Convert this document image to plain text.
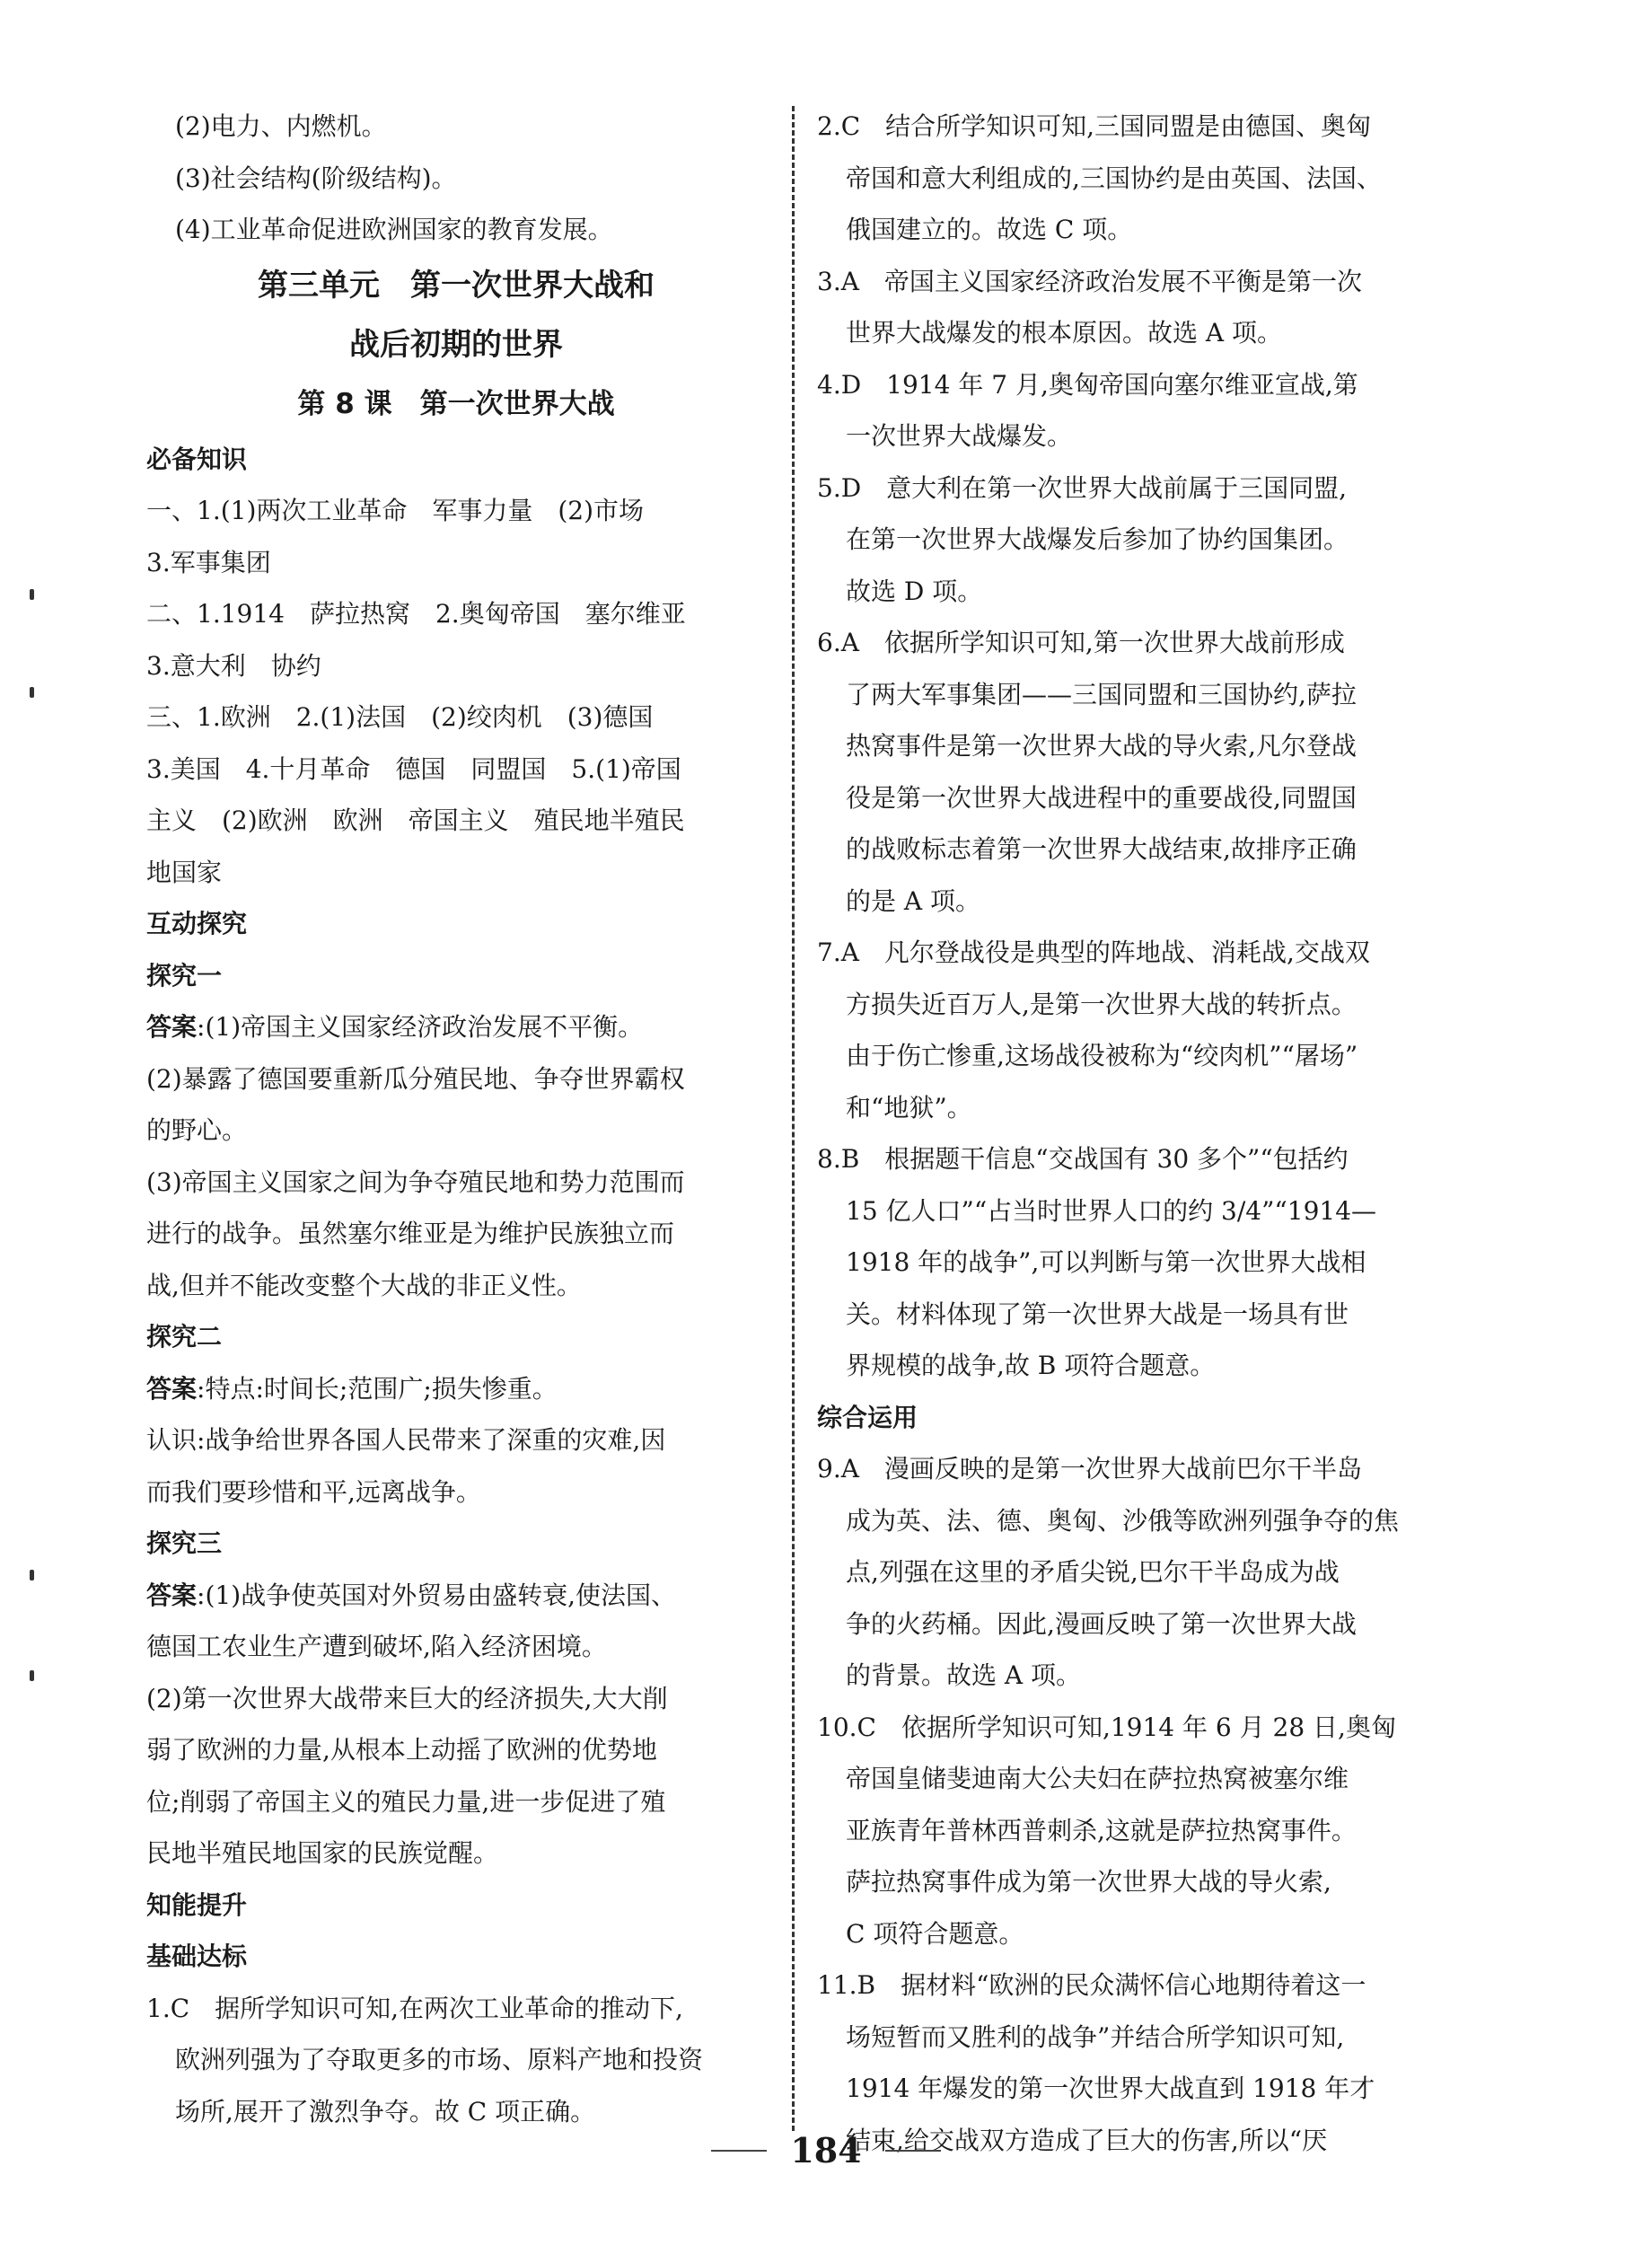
(2)电力、内燃机。
(3)社会结构(阶级结构)。
(4)工业革命促进欧洲国家的教育发展。
第三单元　第一次世界大战和
战后初期的世界
第 8 课　第一次世界大战
必备知识
一、1.(1)两次工业革命　军事力量　(2)市场
3.军事集团
二、1.1914　萨拉热窝　2.奥匈帝国　塞尔维亚
3.意大利　协约
三、1.欧洲　2.(1)法国　(2)绞肉机　(3)德国
3.美国　4.十月革命　德国　同盟国　5.(1)帝国
主义　(2)欧洲　欧洲　帝国主义　殖民地半殖民
地国家
互动探究
探究一
答案:(1)帝国主义国家经济政治发展不平衡。
(2)暴露了德国要重新瓜分殖民地、争夺世界霸权
的野心。
(3)帝国主义国家之间为争夺殖民地和势力范围而
进行的战争。虽然塞尔维亚是为维护民族独立而
战,但并不能改变整个大战的非正义性。
探究二
答案:特点:时间长;范围广;损失惨重。
认识:战争给世界各国人民带来了深重的灾难,因
而我们要珍惜和平,远离战争。
探究三
答案:(1)战争使英国对外贸易由盛转衰,使法国、
德国工农业生产遭到破坏,陷入经济困境。
(2)第一次世界大战带来巨大的经济损失,大大削
弱了欧洲的力量,从根本上动摇了欧洲的优势地
位;削弱了帝国主义的殖民力量,进一步促进了殖
民地半殖民地国家的民族觉醒。
知能提升
基础达标
1.C　据所学知识可知,在两次工业革命的推动下,
欧洲列强为了夺取更多的市场、原料产地和投资
场所,展开了激烈争夺。故 C 项正确。
2.C　结合所学知识可知,三国同盟是由德国、奥匈
帝国和意大利组成的,三国协约是由英国、法国、
俄国建立的。故选 C 项。
3.A　帝国主义国家经济政治发展不平衡是第一次
世界大战爆发的根本原因。故选 A 项。
4.D　1914 年 7 月,奥匈帝国向塞尔维亚宣战,第
一次世界大战爆发。
5.D　意大利在第一次世界大战前属于三国同盟,
在第一次世界大战爆发后参加了协约国集团。
故选 D 项。
6.A　依据所学知识可知,第一次世界大战前形成
了两大军事集团——三国同盟和三国协约,萨拉
热窝事件是第一次世界大战的导火索,凡尔登战
役是第一次世界大战进程中的重要战役,同盟国
的战败标志着第一次世界大战结束,故排序正确
的是 A 项。
7.A　凡尔登战役是典型的阵地战、消耗战,交战双
方损失近百万人,是第一次世界大战的转折点。
由于伤亡惨重,这场战役被称为“绞肉机”“屠场”
和“地狱”。
8.B　根据题干信息“交战国有 30 多个”“包括约
15 亿人口”“占当时世界人口的约 3/4”“1914—
1918 年的战争”,可以判断与第一次世界大战相
关。材料体现了第一次世界大战是一场具有世
界规模的战争,故 B 项符合题意。
综合运用
9.A　漫画反映的是第一次世界大战前巴尔干半岛
成为英、法、德、奥匈、沙俄等欧洲列强争夺的焦
点,列强在这里的矛盾尖锐,巴尔干半岛成为战
争的火药桶。因此,漫画反映了第一次世界大战
的背景。故选 A 项。
10.C　依据所学知识可知,1914 年 6 月 28 日,奥匈
帝国皇储斐迪南大公夫妇在萨拉热窝被塞尔维
亚族青年普林西普刺杀,这就是萨拉热窝事件。
萨拉热窝事件成为第一次世界大战的导火索,
C 项符合题意。
11.B　据材料“欧洲的民众满怀信心地期待着这一
场短暂而又胜利的战争”并结合所学知识可知,
1914 年爆发的第一次世界大战直到 1918 年才
结束,给交战双方造成了巨大的伤害,所以“厌
184
